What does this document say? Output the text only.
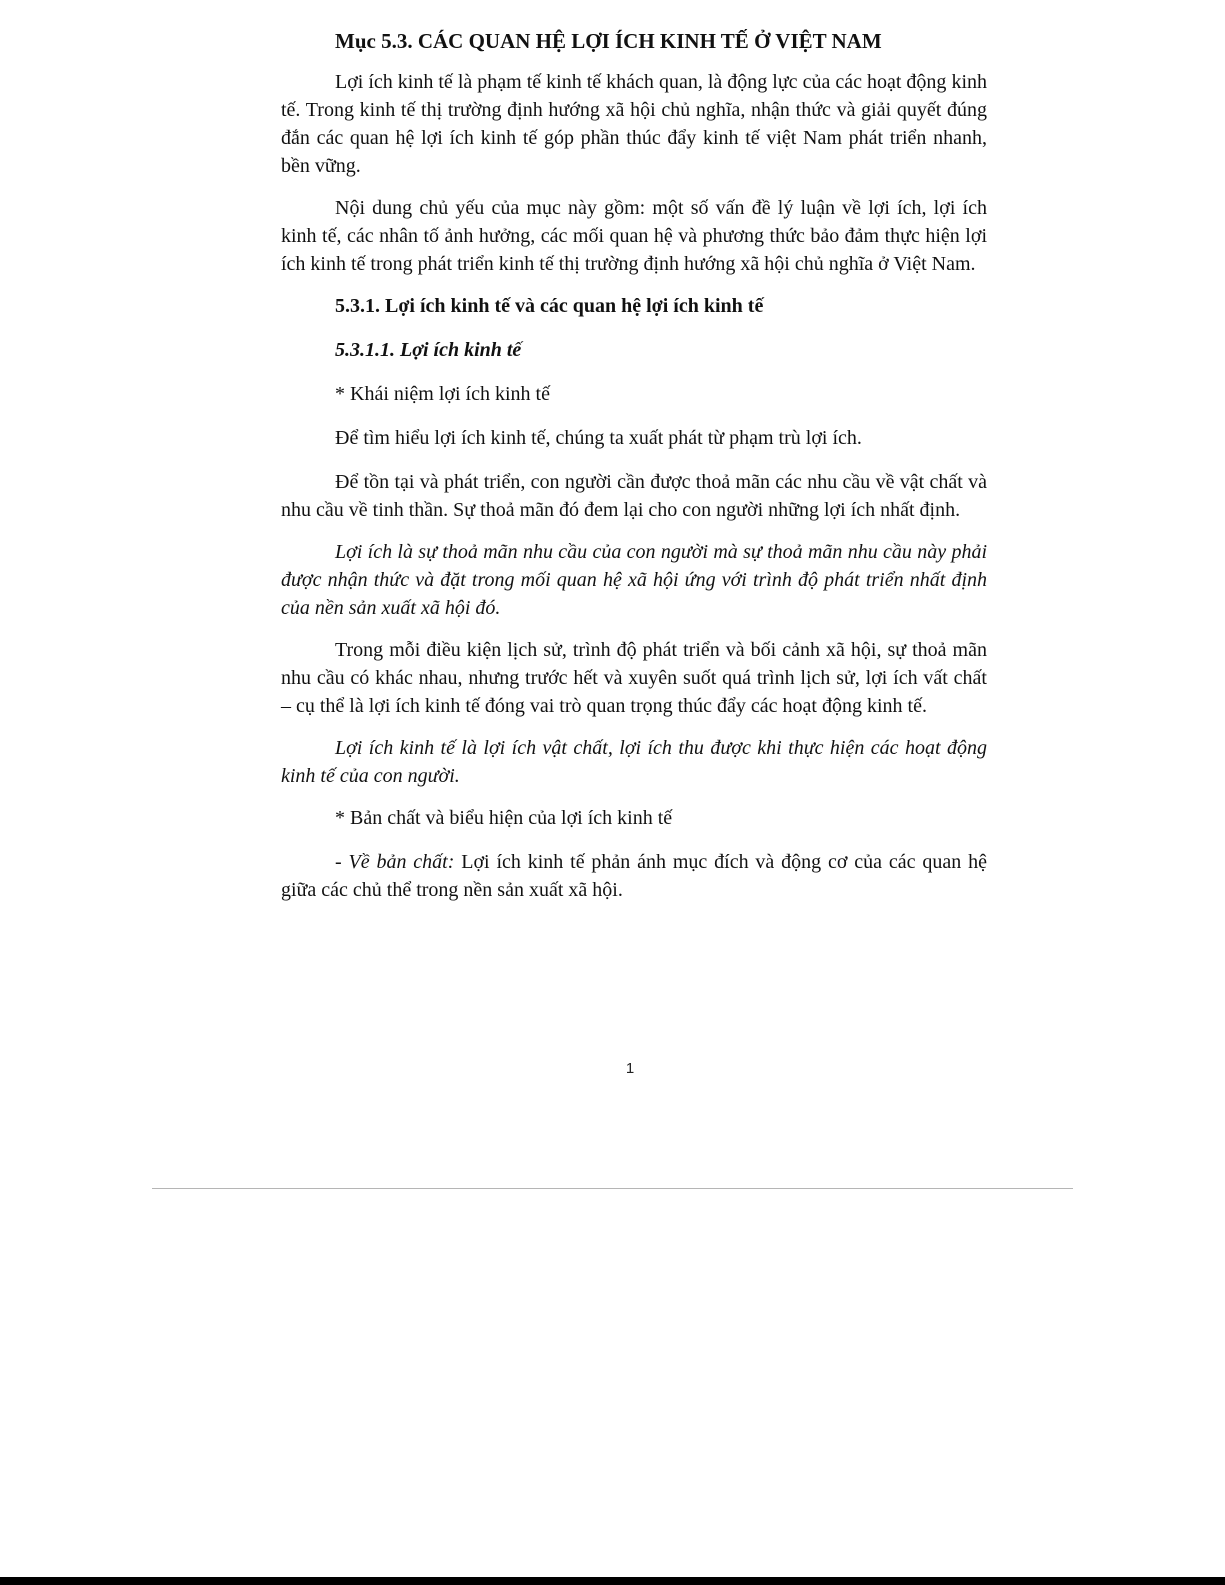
Mục 5.3. CÁC QUAN HỆ LỢI ÍCH KINH TẾ Ở VIỆT NAM

Lợi ích kinh tế là phạm tế kinh tế khách quan, là động lực của các hoạt động kinh tế. Trong kinh tế thị trường định hướng xã hội chủ nghĩa, nhận thức và giải quyết đúng đắn các quan hệ lợi ích kinh tế góp phần thúc đẩy kinh tế việt Nam phát triển nhanh, bền vững.

Nội dung chủ yếu của mục này gồm: một số vấn đề lý luận về lợi ích, lợi ích kinh tế, các nhân tố ảnh hưởng, các mối quan hệ và phương thức bảo đảm thực hiện lợi ích kinh tế trong phát triển kinh tế thị trường định hướng xã hội chủ nghĩa ở Việt Nam.

5.3.1. Lợi ích kinh tế và các quan hệ lợi ích kinh tế
5.3.1.1. Lợi ích kinh tế
* Khái niệm lợi ích kinh tế
Để tìm hiểu lợi ích kinh tế, chúng ta xuất phát từ phạm trù lợi ích.

Để tồn tại và phát triển, con người cần được thoả mãn các nhu cầu về vật chất và nhu cầu về tinh thần. Sự thoả mãn đó đem lại cho con người những lợi ích nhất định.

Lợi ích là sự thoả mãn nhu cầu của con người mà sự thoả mãn nhu cầu này phải được nhận thức và đặt trong mối quan hệ xã hội ứng với trình độ phát triển nhất định của nền sản xuất xã hội đó.

Trong mỗi điều kiện lịch sử, trình độ phát triển và bối cảnh xã hội, sự thoả mãn nhu cầu có khác nhau, nhưng trước hết và xuyên suốt quá trình lịch sử, lợi ích vất chất – cụ thể là lợi ích kinh tế đóng vai trò quan trọng thúc đẩy các hoạt động kinh tế.

Lợi ích kinh tế là lợi ích vật chất, lợi ích thu được khi thực hiện các hoạt động kinh tế của con người.

* Bản chất và biểu hiện của lợi ích kinh tế

- Về bản chất: Lợi ích kinh tế phản ánh mục đích và động cơ của các quan hệ giữa các chủ thể trong nền sản xuất xã hội.

1
